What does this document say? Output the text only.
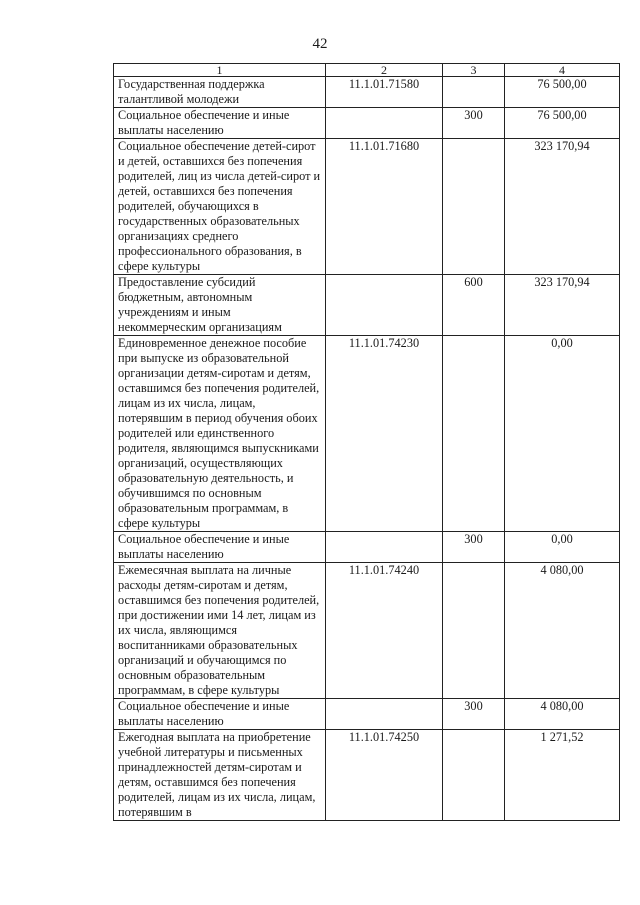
42
1	2	3	4
Государственная поддержка талантливой молодежи	11.1.01.71580		76 500,00
Социальное обеспечение и иные выплаты населению		300	76 500,00
Социальное обеспечение детей-сирот и детей, оставшихся без попечения родителей, лиц из числа детей-сирот и детей, оставшихся без попечения родителей, обучающихся в государственных образовательных организациях среднего профессионального образования, в сфере культуры	11.1.01.71680		323 170,94
Предоставление субсидий бюджетным, автономным учреждениям и иным некоммерческим организациям		600	323 170,94
Единовременное денежное пособие при выпуске из образовательной организации детям-сиротам и детям, оставшимся без попечения родителей, лицам из их числа, лицам, потерявшим в период обучения обоих родителей или единственного родителя, являющимся выпускниками организаций, осуществляющих образовательную деятельность, и обучившимся по основным образовательным программам, в сфере культуры	11.1.01.74230		0,00
Социальное обеспечение и иные выплаты населению		300	0,00
Ежемесячная выплата на личные расходы детям-сиротам и детям, оставшимся без попечения родителей, при достижении ими 14 лет, лицам из их числа, являющимся воспитанниками образовательных организаций и обучающимся по основным образовательным программам, в сфере культуры	11.1.01.74240		4 080,00
Социальное обеспечение и иные выплаты населению		300	4 080,00
Ежегодная выплата на приобретение учебной литературы и письменных принадлежностей детям-сиротам и детям, оставшимся без попечения родителей, лицам из их числа, лицам, потерявшим в	11.1.01.74250		1 271,52
